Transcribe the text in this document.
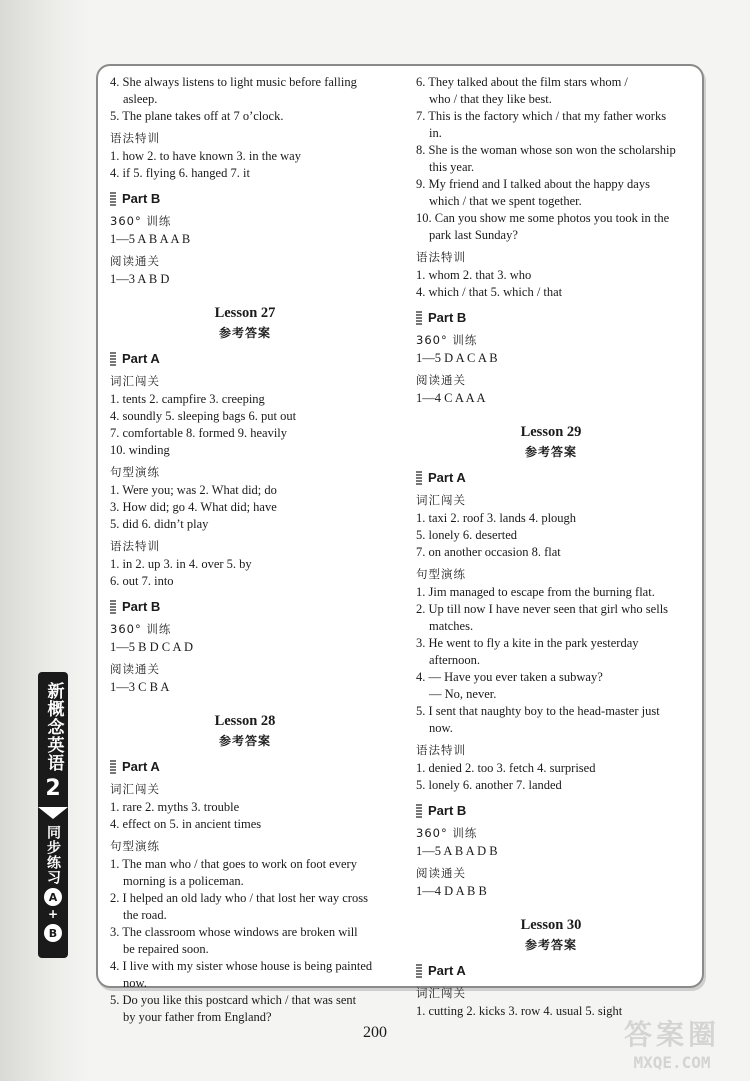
新概念英语
2
同步练习
A
+
B
4. She always listens to light music before falling
asleep.
5. The plane takes off at 7 o’clock.
语法特训
1. how 2. to have known 3. in the way
4. if 5. flying 6. hanged 7. it
Part B
360° 训练
1—5 A B A A B
阅读通关
1—3 A B D
Lesson 27
参考答案
Part A
词汇闯关
1. tents 2. campfire 3. creeping
4. soundly 5. sleeping bags 6. put out
7. comfortable 8. formed 9. heavily
10. winding
句型演练
1. Were you; was 2. What did; do
3. How did; go 4. What did; have
5. did 6. didn’t play
语法特训
1. in 2. up 3. in 4. over 5. by
6. out 7. into
Part B
360° 训练
1—5 B D C A D
阅读通关
1—3 C B A
Lesson 28
参考答案
Part A
词汇闯关
1. rare 2. myths 3. trouble
4. effect on 5. in ancient times
句型演练
1. The man who / that goes to work on foot every
morning is a policeman.
2. I helped an old lady who / that lost her way cross
the road.
3. The classroom whose windows are broken will
be repaired soon.
4. I live with my sister whose house is being painted
now.
5. Do you like this postcard which / that was sent
by your father from England?
6. They talked about the film stars whom /
who / that they like best.
7. This is the factory which / that my father works
in.
8. She is the woman whose son won the scholarship
this year.
9. My friend and I talked about the happy days
which / that we spent together.
10. Can you show me some photos you took in the
park last Sunday?
语法特训
1. whom 2. that 3. who
4. which / that 5. which / that
Part B
360° 训练
1—5 D A C A B
阅读通关
1—4 C A A A
Lesson 29
参考答案
Part A
词汇闯关
1. taxi 2. roof 3. lands 4. plough
5. lonely 6. deserted
7. on another occasion 8. flat
句型演练
1. Jim managed to escape from the burning flat.
2. Up till now I have never seen that girl who sells
matches.
3. He went to fly a kite in the park yesterday
afternoon.
4. — Have you ever taken a subway?
— No, never.
5. I sent that naughty boy to the head-master just
now.
语法特训
1. denied 2. too 3. fetch 4. surprised
5. lonely 6. another 7. landed
Part B
360° 训练
1—5 A B A D B
阅读通关
1—4 D A B B
Lesson 30
参考答案
Part A
词汇闯关
1. cutting 2. kicks 3. row 4. usual 5. sight
200	答案圈
MXQE.COM
